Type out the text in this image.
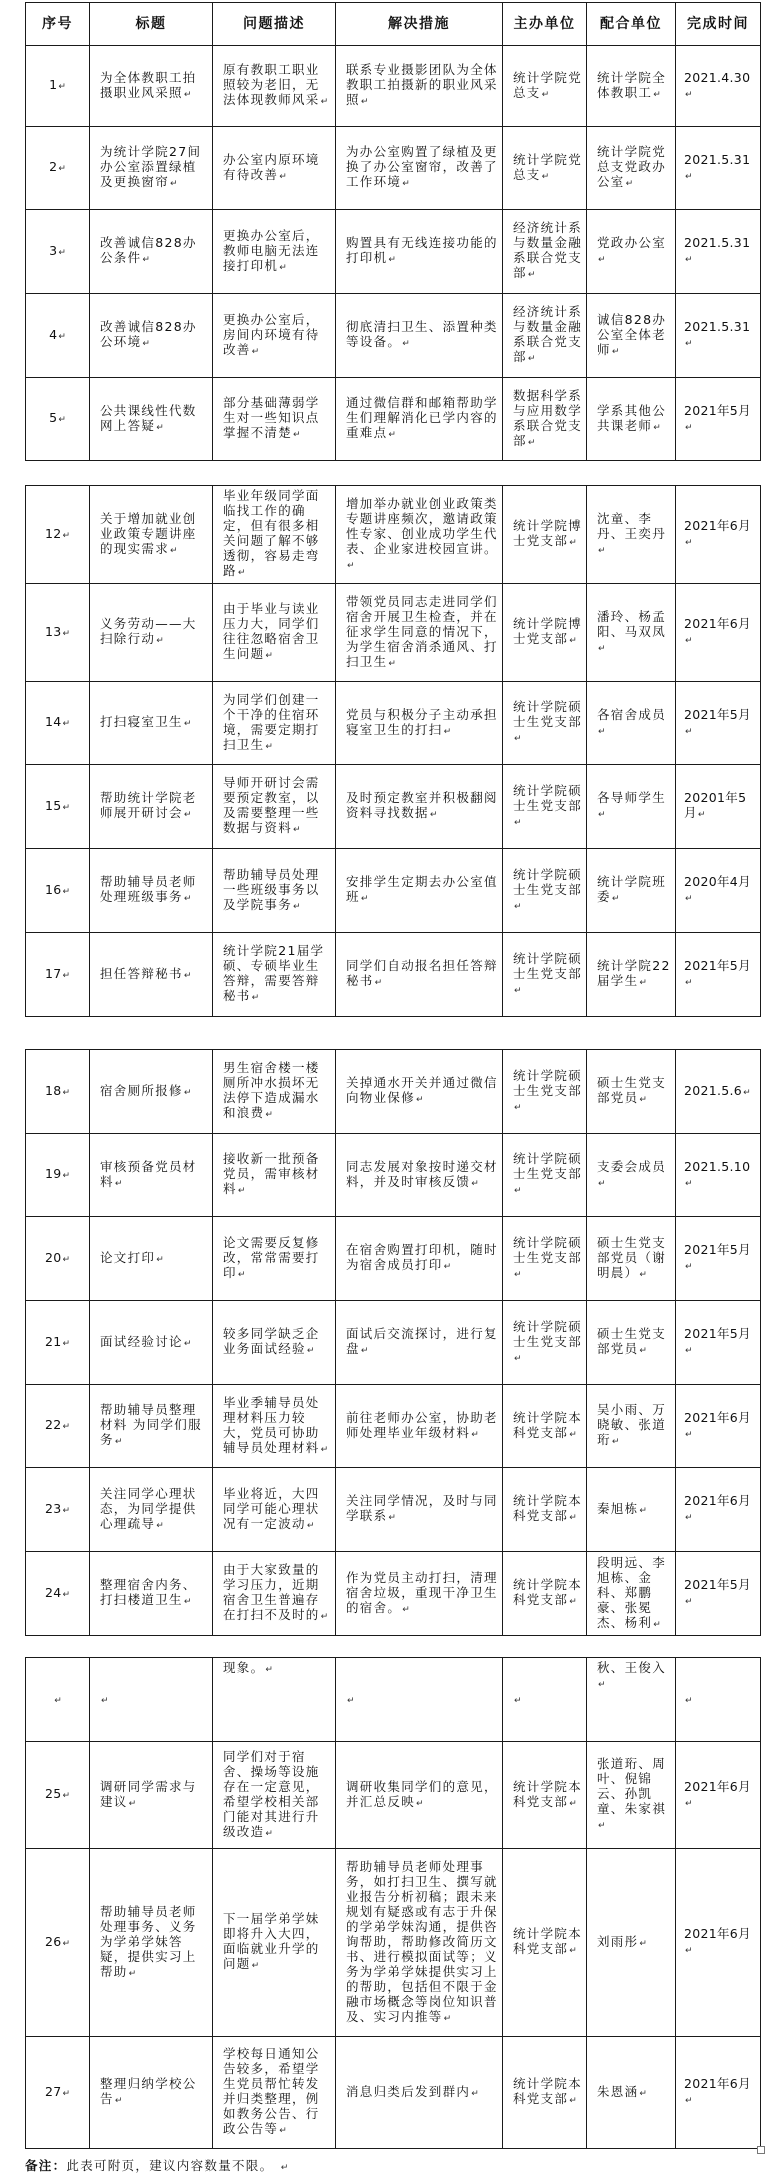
序号	标题	问题描述	解决措施	主办单位	配合单位	完成时间
1 ↵	为全体教职工拍摄职业风采照 ↵	原有教职工职业照较为老旧，无法体现教师风采 ↵	联系专业摄影团队为全体教职工拍摄新的职业风采照 ↵	统计学院党总支 ↵	统计学院全体教职工 ↵	2021.4.30 ↵
2 ↵	为统计学院27间办公室添置绿植及更换窗帘 ↵	办公室内原环境有待改善 ↵	为办公室购置了绿植及更换了办公室窗帘，改善了工作环境 ↵	统计学院党总支 ↵	统计学院党总支党政办公室 ↵	2021.5.31 ↵
3 ↵	改善诚信828办公条件 ↵	更换办公室后，教师电脑无法连接打印机 ↵	购置具有无线连接功能的打印机 ↵	经济统计系与数量金融系联合党支部 ↵	党政办公室 ↵	2021.5.31 ↵
4 ↵	改善诚信828办公环境 ↵	更换办公室后，房间内环境有待改善 ↵	彻底清扫卫生、添置种类等设备。 ↵	经济统计系与数量金融系联合党支部 ↵	诚信828办公室全体老师 ↵	2021.5.31 ↵
5 ↵	公共课线性代数网上答疑 ↵	部分基础薄弱学生对一些知识点掌握不清楚 ↵	通过微信群和邮箱帮助学生们理解消化已学内容的重难点 ↵	数据科学系与应用数学系联合党支部 ↵	学系其他公共课老师 ↵	2021年5月 ↵
12 ↵	关于增加就业创业政策专题讲座的现实需求 ↵	毕业年级同学面临找工作的确定，但有很多相关问题了解不够透彻，容易走弯路 ↵	增加举办就业创业政策类专题讲座频次，邀请政策性专家、创业成功学生代表、企业家进校园宣讲。 ↵	统计学院博士党支部 ↵	沈童、李丹、王奕丹 ↵	2021年6月 ↵
13 ↵	义务劳动——大扫除行动 ↵	由于毕业与读业压力大，同学们往往忽略宿舍卫生问题 ↵	带领党员同志走进同学们宿舍开展卫生检查，并在征求学生同意的情况下，为学生宿舍消杀通风、打扫卫生 ↵	统计学院博士党支部 ↵	潘玲、杨孟阳、马双凤 ↵	2021年6月 ↵
14 ↵	打扫寝室卫生 ↵	为同学们创建一个干净的住宿环境，需要定期打扫卫生 ↵	党员与积极分子主动承担寝室卫生的打扫 ↵	统计学院硕士生党支部 ↵	各宿舍成员 ↵	2021年5月 ↵
15 ↵	帮助统计学院老师展开研讨会 ↵	导师开研讨会需要预定教室，以及需要整理一些数据与资料 ↵	及时预定教室并积极翻阅资料寻找数据 ↵	统计学院硕士生党支部 ↵	各导师学生 ↵	20201年5月 ↵
16 ↵	帮助辅导员老师处理班级事务 ↵	帮助辅导员处理一些班级事务以及学院事务 ↵	安排学生定期去办公室值班 ↵	统计学院硕士生党支部 ↵	统计学院班委 ↵	2020年4月 ↵
17 ↵	担任答辩秘书 ↵	统计学院21届学硕、专硕毕业生答辩，需要答辩秘书 ↵	同学们自动报名担任答辩秘书 ↵	统计学院硕士生党支部 ↵	统计学院22届学生 ↵	2021年5月 ↵
18 ↵	宿舍厕所报修 ↵	男生宿舍楼一楼厕所冲水损坏无法停下造成漏水和浪费 ↵	关掉通水开关并通过微信向物业保修 ↵	统计学院硕士生党支部 ↵	硕士生党支部党员 ↵	2021.5.6 ↵
19 ↵	审核预备党员材料 ↵	接收新一批预备党员，需审核材料 ↵	同志发展对象按时递交材料，并及时审核反馈 ↵	统计学院硕士生党支部 ↵	支委会成员 ↵	2021.5.10 ↵
20 ↵	论文打印 ↵	论文需要反复修改，常常需要打印 ↵	在宿舍购置打印机，随时为宿舍成员打印 ↵	统计学院硕士生党支部 ↵	硕士生党支部党员（谢明晨） ↵	2021年5月 ↵
21 ↵	面试经验讨论 ↵	较多同学缺乏企业务面试经验 ↵	面试后交流探讨，进行复盘 ↵	统计学院硕士生党支部 ↵	硕士生党支部党员 ↵	2021年5月 ↵
22 ↵	帮助辅导员整理材料 为同学们服务 ↵	毕业季辅导员处理材料压力较大，党员可协助辅导员处理材料 ↵	前往老师办公室，协助老师处理毕业年级材料 ↵	统计学院本科党支部 ↵	吴小雨、万晓敏、张道珩 ↵	2021年6月 ↵
23 ↵	关注同学心理状态，为同学提供心理疏导 ↵	毕业将近，大四同学可能心理状况有一定波动 ↵	关注同学情况，及时与同学联系 ↵	统计学院本科党支部 ↵	秦旭栋 ↵	2021年6月 ↵
24 ↵	整理宿舍内务、打扫楼道卫生 ↵	由于大家致量的学习压力，近期宿舍卫生普遍存在打扫不及时的 ↵	作为党员主动打扫，清理宿舍垃圾，重现干净卫生的宿舍。 ↵	统计学院本科党支部 ↵	段明远、李旭栋、金科、郑鹏豪、张冕杰、杨利 ↵	2021年5月 ↵
↵	↵	现象。 ↵	↵	↵	秋、王俊入 ↵	↵
25 ↵	调研同学需求与建议 ↵	同学们对于宿舍、操场等设施存在一定意见，希望学校相关部门能对其进行升级改造 ↵	调研收集同学们的意见，并汇总反映 ↵	统计学院本科党支部 ↵	张道珩、周叶、倪锦云、孙凯童、朱家祺 ↵	2021年6月 ↵
26 ↵	帮助辅导员老师处理事务、义务为学弟学妹答疑，提供实习上帮助 ↵	下一届学弟学妹即将升入大四，面临就业升学的问题 ↵	帮助辅导员老师处理事务，如打扫卫生、撰写就业报告分析初稿；跟未来规划有疑惑或有志于升保的学弟学妹沟通，提供咨询帮助，帮助修改简历文书、进行模拟面试等；义务为学弟学妹提供实习上的帮助，包括但不限于金融市场概念等岗位知识普及、实习内推等 ↵	统计学院本科党支部 ↵	刘雨彤 ↵	2021年6月 ↵
27 ↵	整理归纳学校公告 ↵	学校每日通知公告较多，希望学生党员帮忙转发并归类整理，例如教务公告、行政公告等 ↵	消息归类后发到群内 ↵	统计学院本科党支部 ↵	朱恩涵 ↵	2021年6月 ↵
备注：此表可附页，建议内容数量不限。 ↵
